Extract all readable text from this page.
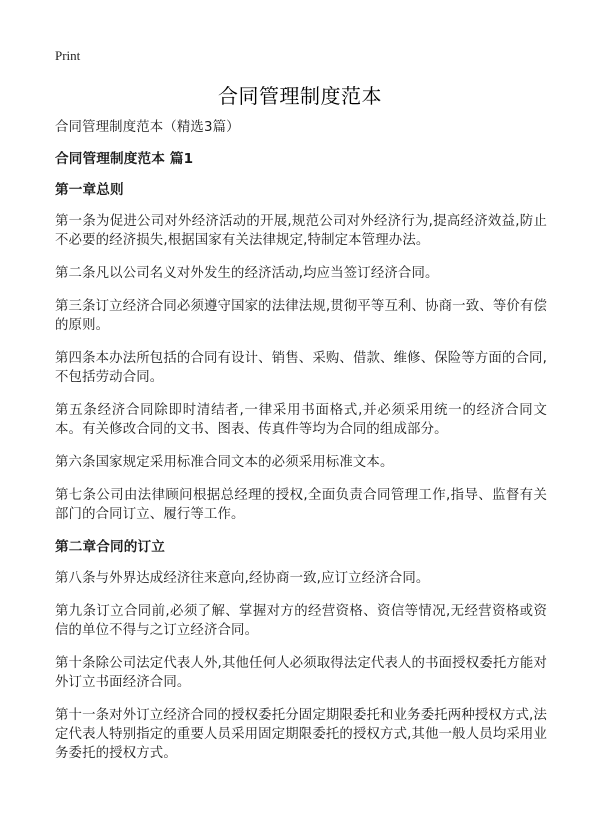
Print
合同管理制度范本

合同管理制度范本（精选3篇）

合同管理制度范本 篇1

第一章总则

第一条为促进公司对外经济活动的开展,规范公司对外经济行为,提高经济效益,防止不必要的经济损失,根据国家有关法律规定,特制定本管理办法。

第二条凡以公司名义对外发生的经济活动,均应当签订经济合同。

第三条订立经济合同必须遵守国家的法律法规,贯彻平等互利、协商一致、等价有偿的原则。

第四条本办法所包括的合同有设计、销售、采购、借款、维修、保险等方面的合同,不包括劳动合同。

第五条经济合同除即时清结者,一律采用书面格式,并必须采用统一的经济合同文本。有关修改合同的文书、图表、传真件等均为合同的组成部分。

第六条国家规定采用标准合同文本的必须采用标准文本。

第七条公司由法律顾问根据总经理的授权,全面负责合同管理工作,指导、监督有关部门的合同订立、履行等工作。

第二章合同的订立

第八条与外界达成经济往来意向,经协商一致,应订立经济合同。

第九条订立合同前,必须了解、掌握对方的经营资格、资信等情况,无经营资格或资信的单位不得与之订立经济合同。

第十条除公司法定代表人外,其他任何人必须取得法定代表人的书面授权委托方能对外订立书面经济合同。

第十一条对外订立经济合同的授权委托分固定期限委托和业务委托两种授权方式,法定代表人特别指定的重要人员采用固定期限委托的授权方式,其他一般人员均采用业务委托的授权方式。
